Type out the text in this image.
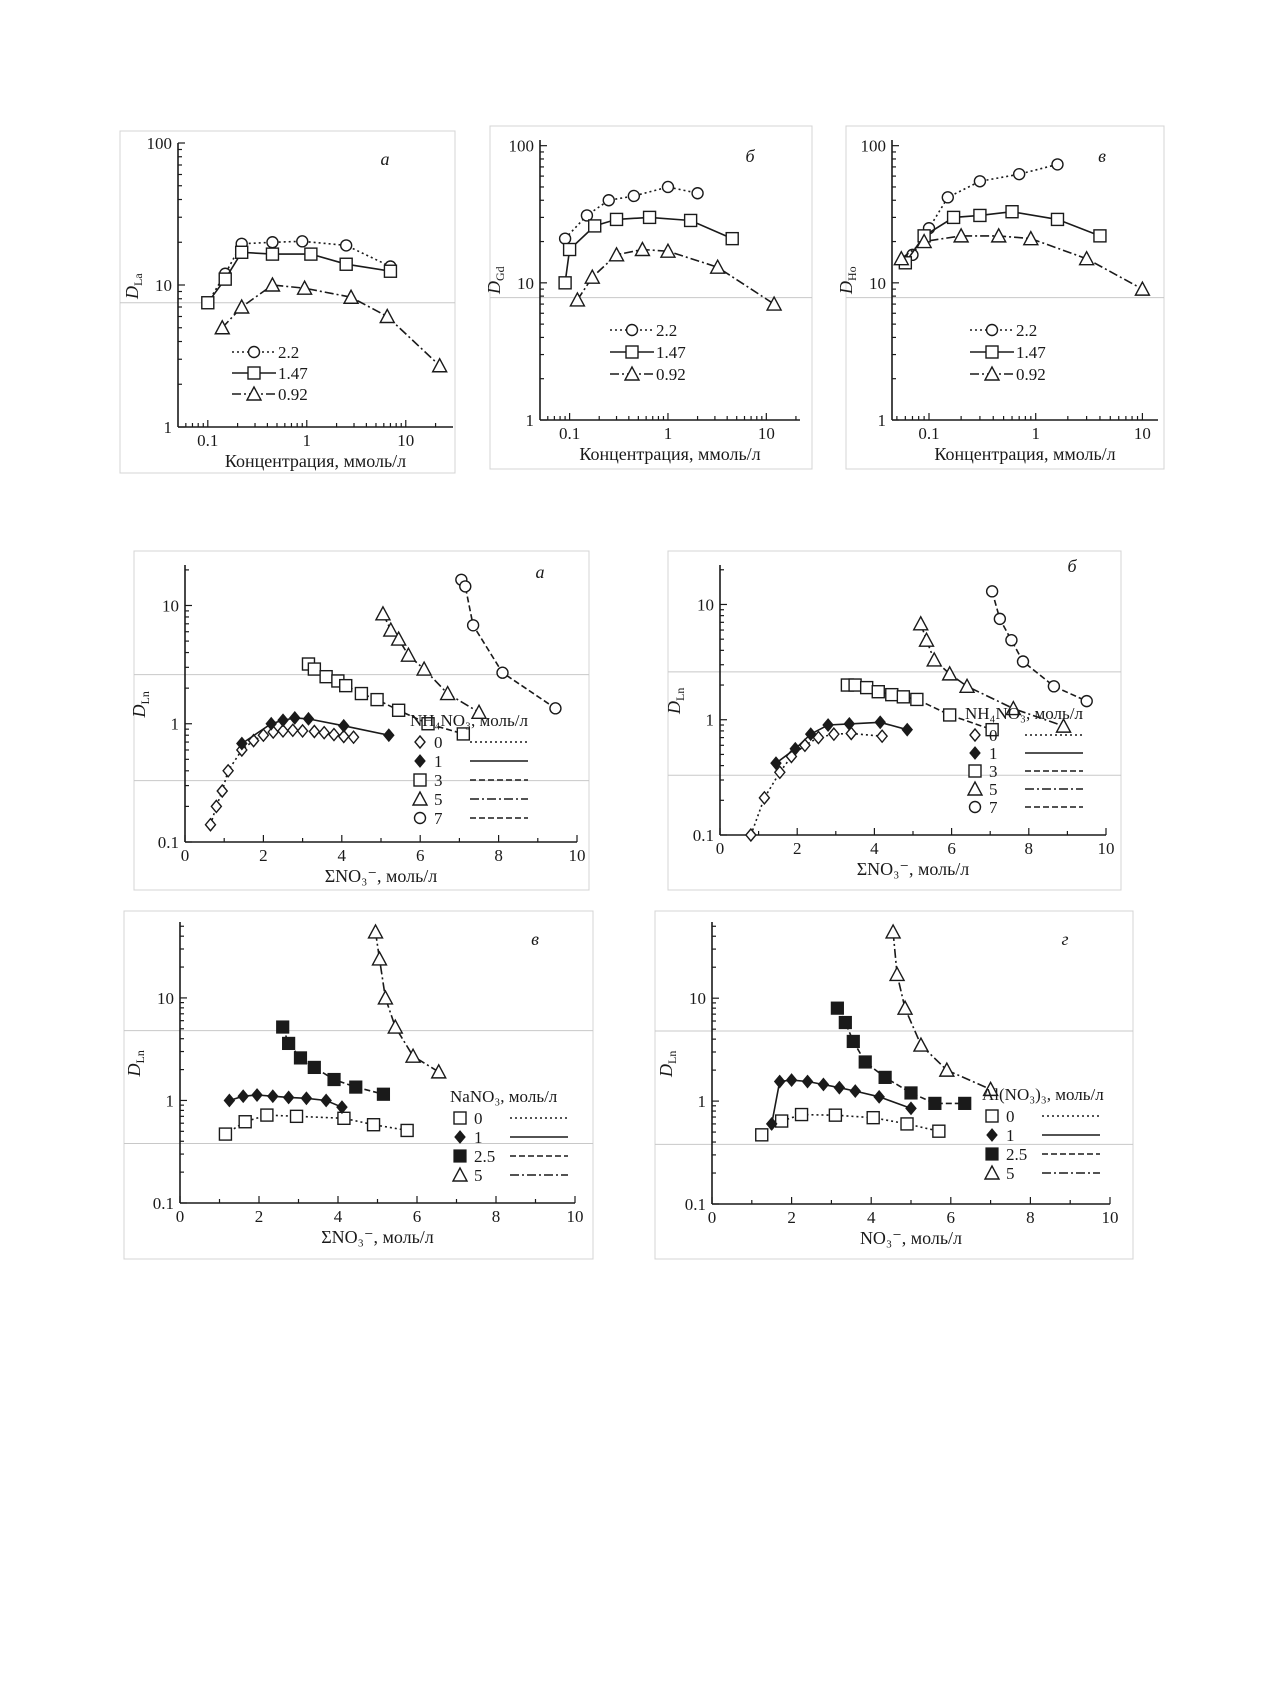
1
10
100
0.1	1	10
Концентрация, ммоль/л
$D_{La}$
а
2.2
1.47
0.92
1
10
100
0.1	1	10
Концентрация, ммоль/л
$D_{Gd}$
б
2.2
1.47
0.92
1
10
100
0.1	1	10
Концентрация, ммоль/л
$D_{Ho}$
в
2.2
1.47
0.92
0.1
1
10
0	2	4	6	8	10
ΣNO₃⁻, моль/л
$D_{Ln}$
а
NH₄NO₃, моль/л
0
1
3
5
7
0.1
1
10
0	2	4	6	8	10
ΣNO₃⁻, моль/л
$D_{Ln}$
б
NH₄NO₃, моль/л
0
1
3
5
7
0.1
1
10
0	2	4	6	8	10
ΣNO₃⁻, моль/л
$D_{Ln}$
в
NaNO₃, моль/л
0
1
2.5
5
0.1
1
10
0	2	4	6	8	10
NO₃⁻, моль/л
$D_{Ln}$
г
Al(NO₃)₃, моль/л
0
1
2.5
5
